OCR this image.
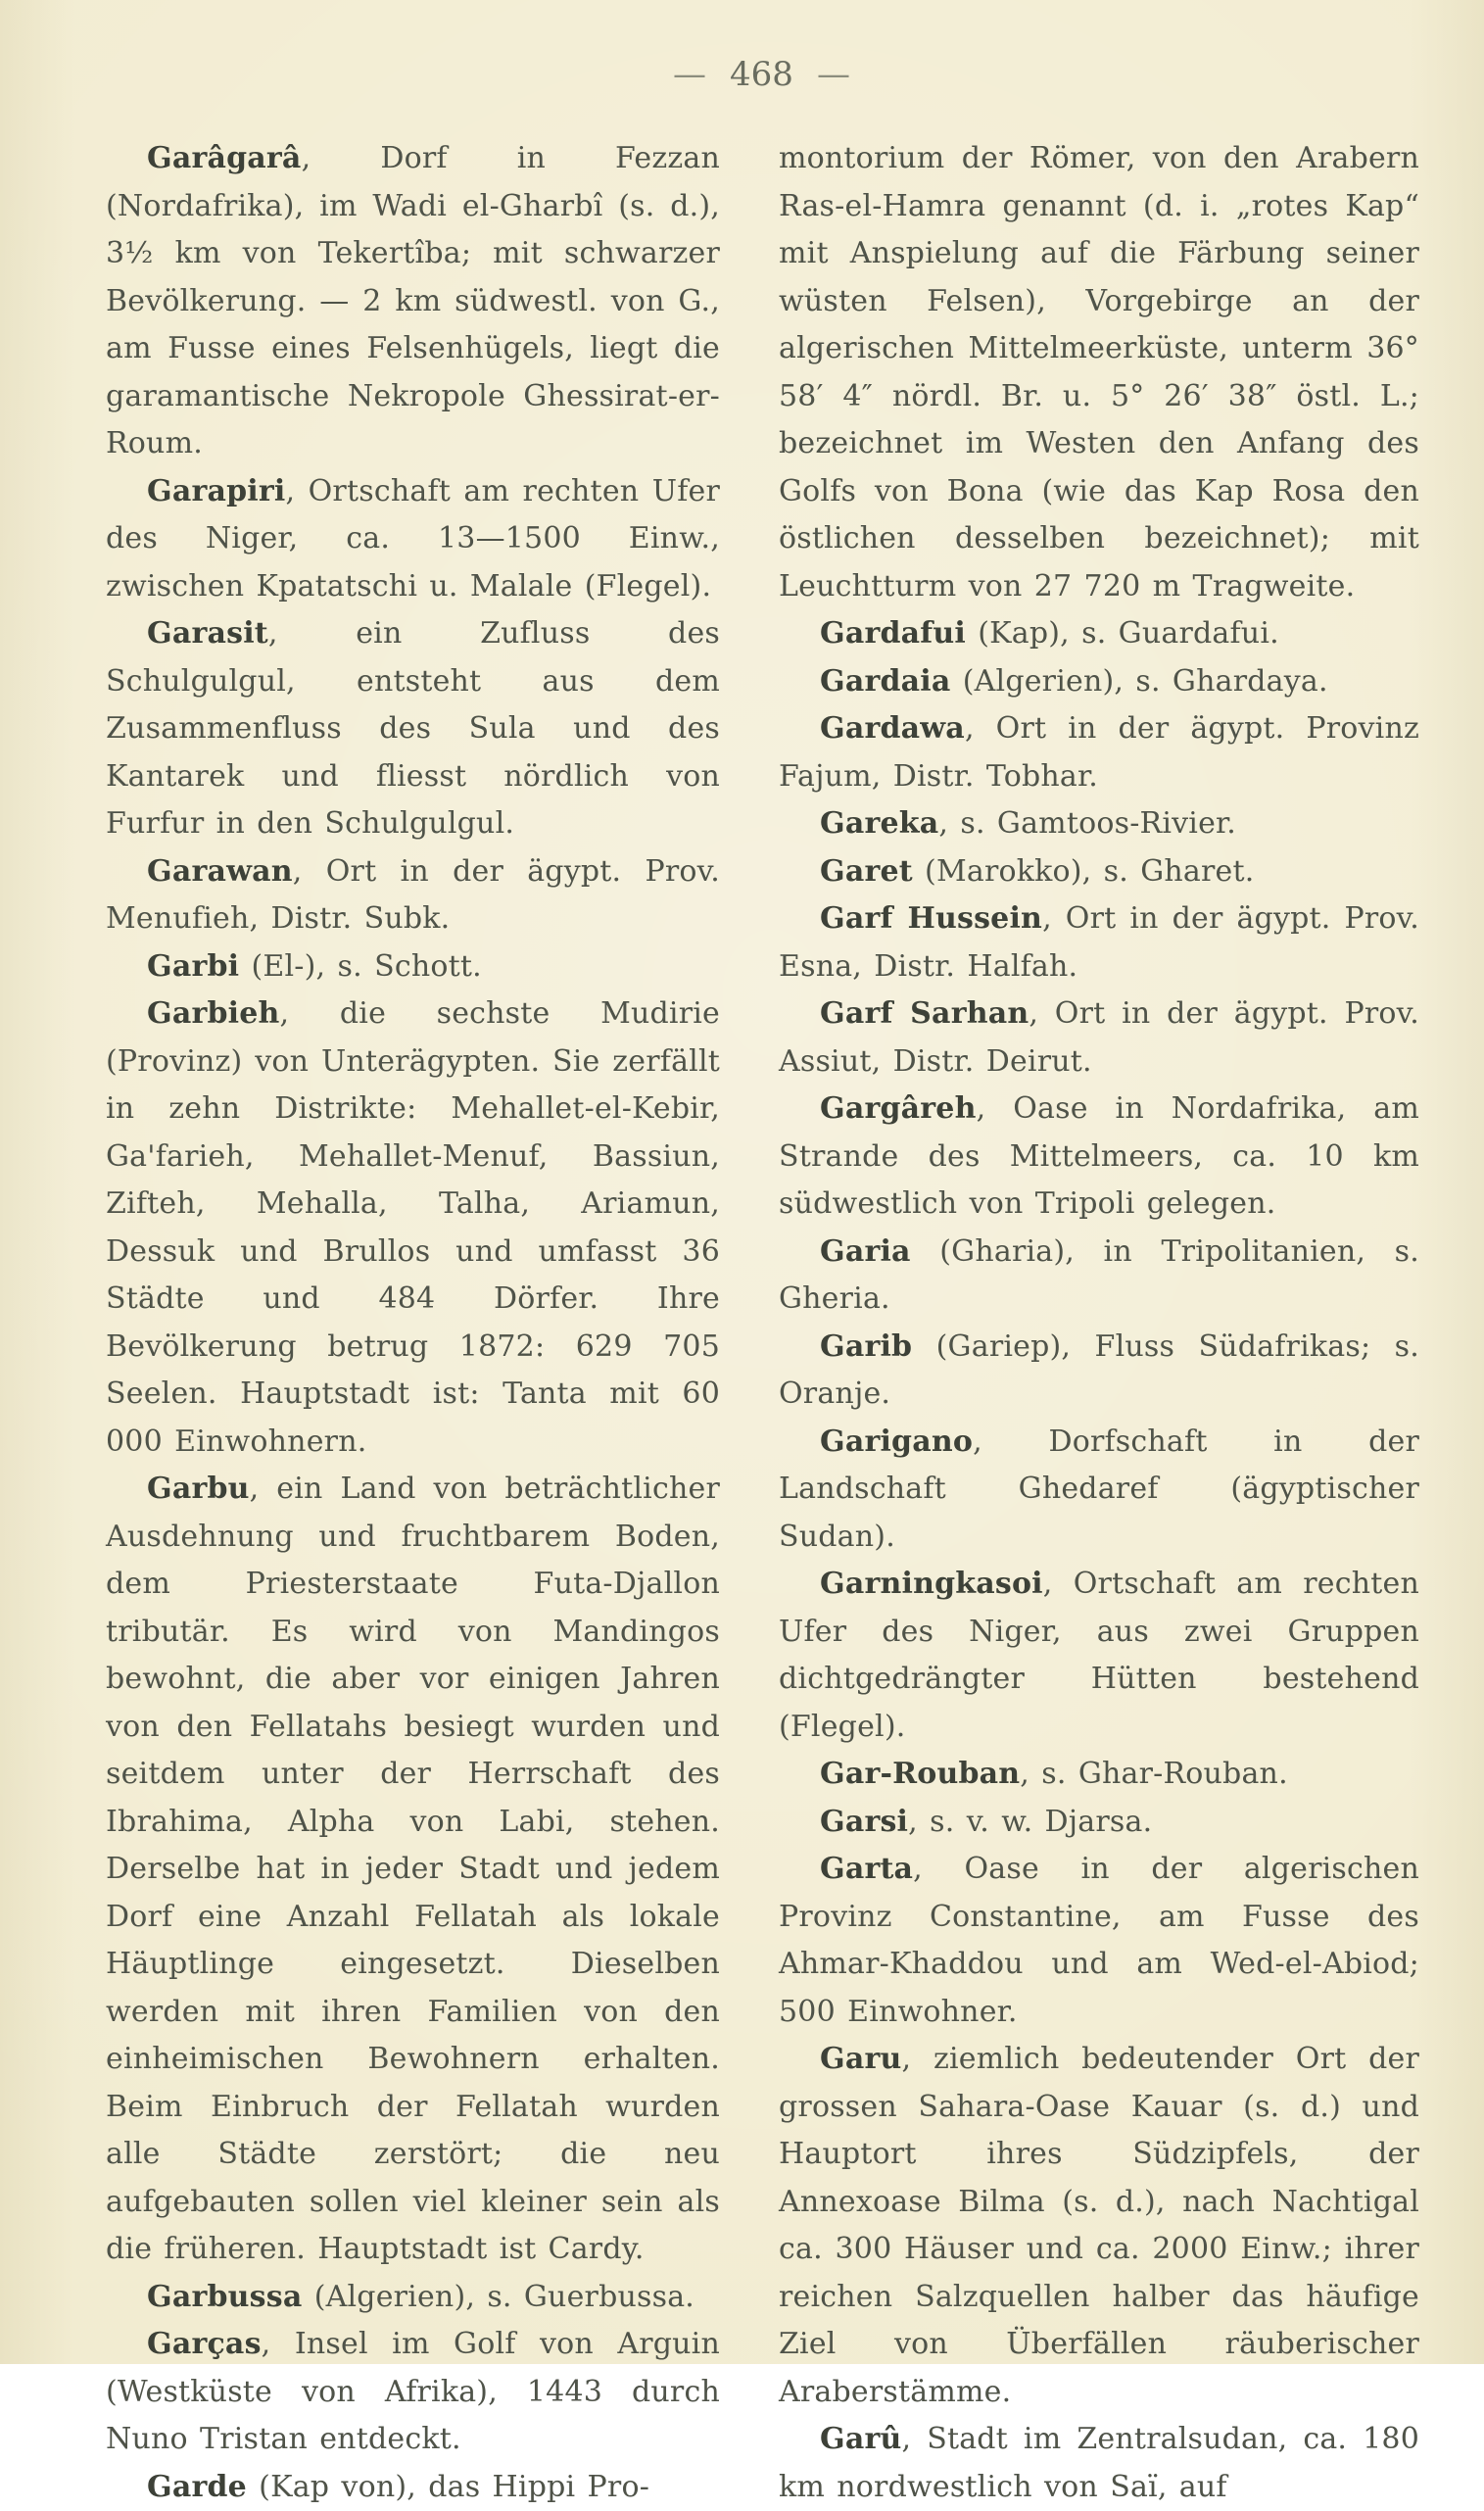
— 468 —

Garâgarâ, Dorf in Fezzan (Nordafrika), im Wadi el-Gharbî (s. d.), 3½ km von Tekertîba; mit schwarzer Bevölkerung. — 2 km südwestl. von G., am Fusse eines Felsenhügels, liegt die garamantische Nekropole Ghessirat-er-Roum.

Garapiri, Ortschaft am rechten Ufer des Niger, ca. 13—1500 Einw., zwischen Kpatatschi u. Malale (Flegel).

Garasit, ein Zufluss des Schulgulgul, entsteht aus dem Zusammenfluss des Sula und des Kantarek und fliesst nördlich von Furfur in den Schulgulgul.

Garawan, Ort in der ägypt. Prov. Menufieh, Distr. Subk.

Garbi (El-), s. Schott.

Garbieh, die sechste Mudirie (Provinz) von Unterägypten. Sie zerfällt in zehn Distrikte: Mehallet-el-Kebir, Ga'farieh, Mehallet-Menuf, Bassiun, Zifteh, Mehalla, Talha, Ariamun, Dessuk und Brullos und umfasst 36 Städte und 484 Dörfer. Ihre Bevölkerung betrug 1872: 629 705 Seelen. Hauptstadt ist: Tanta mit 60 000 Einwohnern.

Garbu, ein Land von beträchtlicher Ausdehnung und fruchtbarem Boden, dem Priesterstaate Futa-Djallon tributär. Es wird von Mandingos bewohnt, die aber vor einigen Jahren von den Fellatahs besiegt wurden und seitdem unter der Herrschaft des Ibrahima, Alpha von Labi, stehen. Derselbe hat in jeder Stadt und jedem Dorf eine Anzahl Fellatah als lokale Häuptlinge eingesetzt. Dieselben werden mit ihren Familien von den einheimischen Bewohnern erhalten. Beim Einbruch der Fellatah wurden alle Städte zerstört; die neu aufgebauten sollen viel kleiner sein als die früheren. Hauptstadt ist Cardy.

Garbussa (Algerien), s. Guerbussa.

Garças, Insel im Golf von Arguin (Westküste von Afrika), 1443 durch Nuno Tristan entdeckt.

Garde (Kap von), das Hippi Pro-

montorium der Römer, von den Arabern Ras-el-Hamra genannt (d. i. „rotes Kap“ mit Anspielung auf die Färbung seiner wüsten Felsen), Vorgebirge an der algerischen Mittelmeerküste, unterm 36° 58′ 4″ nördl. Br. u. 5° 26′ 38″ östl. L.; bezeichnet im Westen den Anfang des Golfs von Bona (wie das Kap Rosa den östlichen desselben bezeichnet); mit Leuchtturm von 27 720 m Tragweite.

Gardafui (Kap), s. Guardafui.

Gardaia (Algerien), s. Ghardaya.

Gardawa, Ort in der ägypt. Provinz Fajum, Distr. Tobhar.

Gareka, s. Gamtoos-Rivier.

Garet (Marokko), s. Gharet.

Garf Hussein, Ort in der ägypt. Prov. Esna, Distr. Halfah.

Garf Sarhan, Ort in der ägypt. Prov. Assiut, Distr. Deirut.

Gargâreh, Oase in Nordafrika, am Strande des Mittelmeers, ca. 10 km südwestlich von Tripoli gelegen.

Garia (Gharia), in Tripolitanien, s. Gheria.

Garib (Gariep), Fluss Südafrikas; s. Oranje.

Garigano, Dorfschaft in der Landschaft Ghedaref (ägyptischer Sudan).

Garningkasoi, Ortschaft am rechten Ufer des Niger, aus zwei Gruppen dichtgedrängter Hütten bestehend (Flegel).

Gar-Rouban, s. Ghar-Rouban.

Garsi, s. v. w. Djarsa.

Garta, Oase in der algerischen Provinz Constantine, am Fusse des Ahmar-Khaddou und am Wed-el-Abiod; 500 Einwohner.

Garu, ziemlich bedeutender Ort der grossen Sahara-Oase Kauar (s. d.) und Hauptort ihres Südzipfels, der Annexoase Bilma (s. d.), nach Nachtigal ca. 300 Häuser und ca. 2000 Einw.; ihrer reichen Salzquellen halber das häufige Ziel von Überfällen räuberischer Araberstämme.

Garû, Stadt im Zentralsudan, ca. 180 km nordwestlich von Saï, auf
